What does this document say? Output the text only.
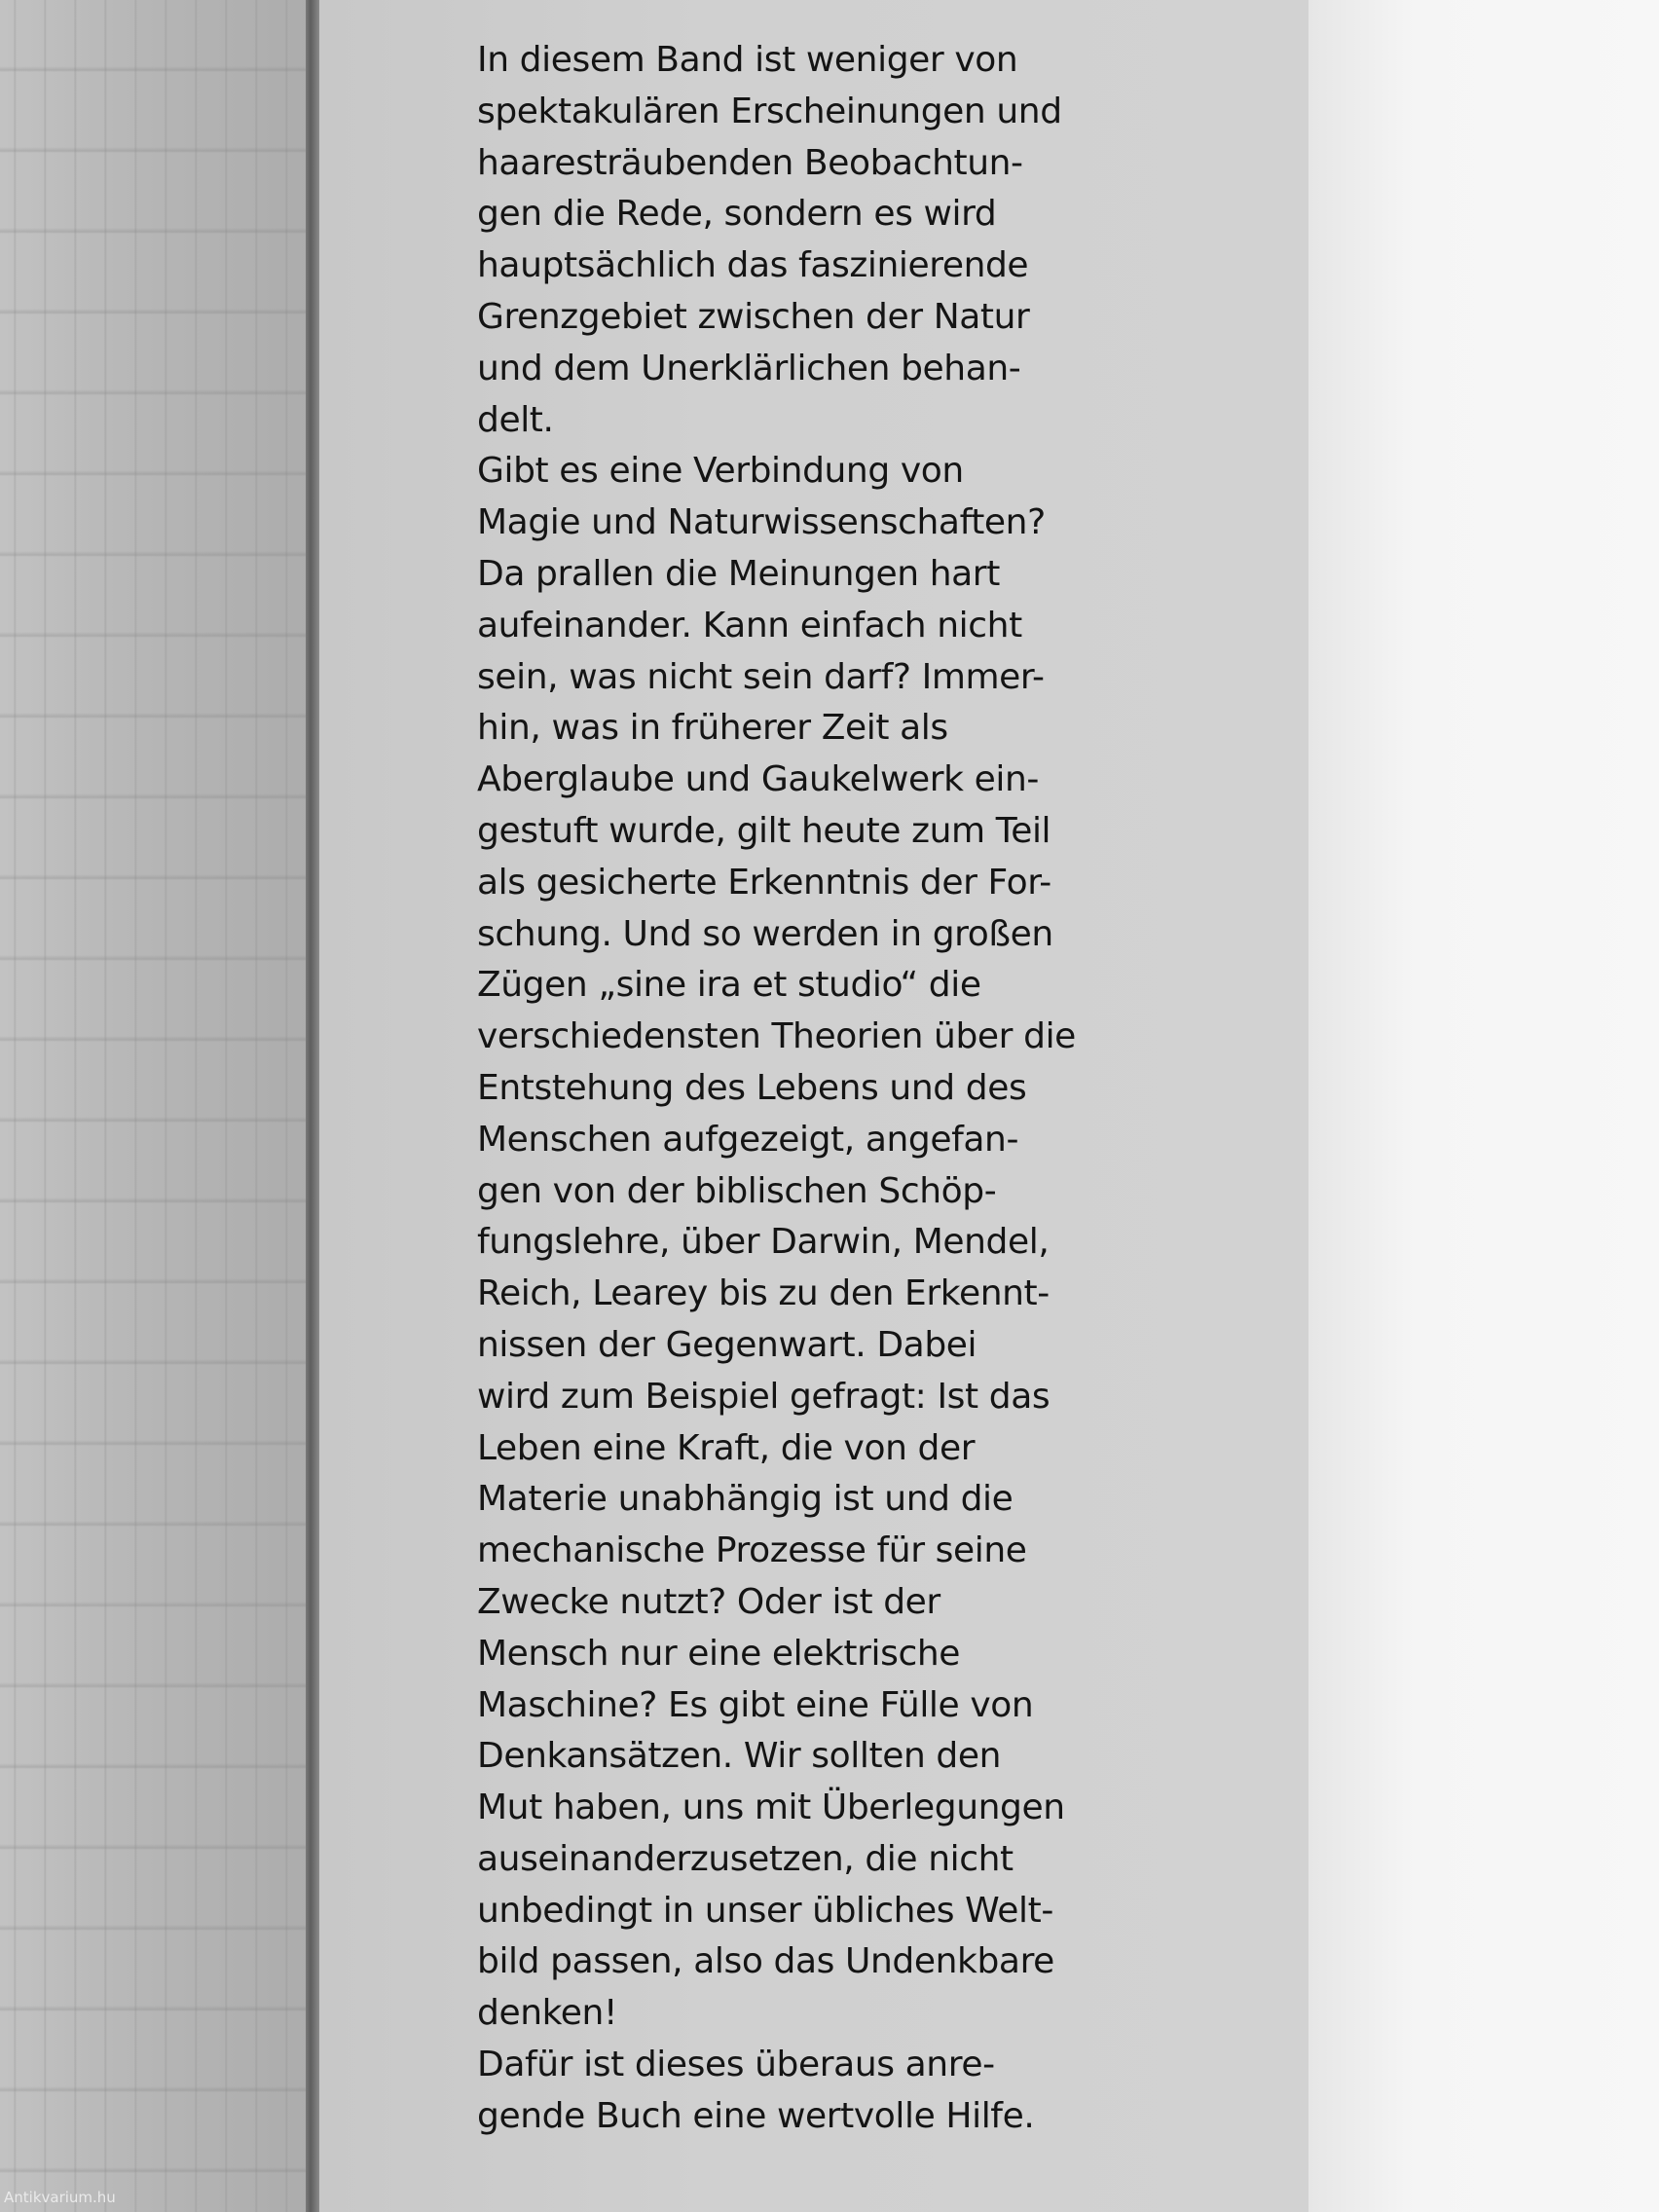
In diesem Band ist weniger von
spektakulären Erscheinungen und
haaresträubenden Beobachtun-
gen die Rede, sondern es wird
hauptsächlich das faszinierende
Grenzgebiet zwischen der Natur
und dem Unerklärlichen behan-
delt.
Gibt es eine Verbindung von
Magie und Naturwissenschaften?
Da prallen die Meinungen hart
aufeinander. Kann einfach nicht
sein, was nicht sein darf? Immer-
hin, was in früherer Zeit als
Aberglaube und Gaukelwerk ein-
gestuft wurde, gilt heute zum Teil
als gesicherte Erkenntnis der For-
schung. Und so werden in großen
Zügen „sine ira et studio“ die
verschiedensten Theorien über die
Entstehung des Lebens und des
Menschen aufgezeigt, angefan-
gen von der biblischen Schöp-
fungslehre, über Darwin, Mendel,
Reich, Learey bis zu den Erkennt-
nissen der Gegenwart. Dabei
wird zum Beispiel gefragt: Ist das
Leben eine Kraft, die von der
Materie unabhängig ist und die
mechanische Prozesse für seine
Zwecke nutzt? Oder ist der
Mensch nur eine elektrische
Maschine? Es gibt eine Fülle von
Denkansätzen. Wir sollten den
Mut haben, uns mit Überlegungen
auseinanderzusetzen, die nicht
unbedingt in unser übliches Welt-
bild passen, also das Undenkbare
denken!
Dafür ist dieses überaus anre-
gende Buch eine wertvolle Hilfe.
Antikvarium.hu
